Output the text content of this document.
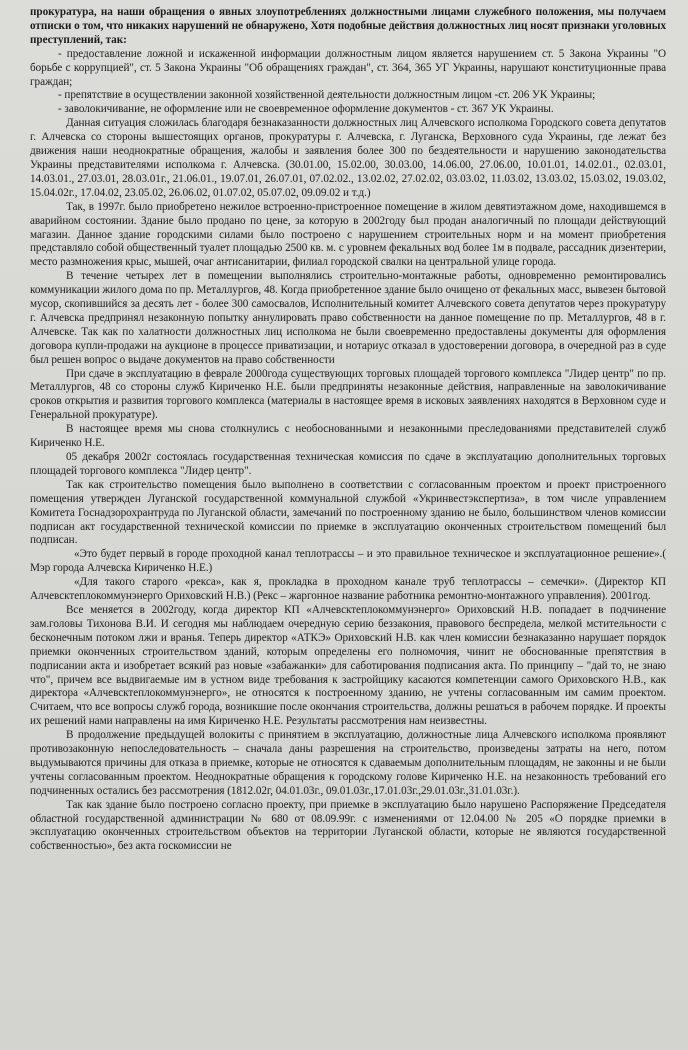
прокуратура, на наши обращения о явных злоупотреблениях должностными лицами служебного положения, мы получаем отписки о том, что никаких нарушений не обнаружено, Хотя подобные действия должностных лиц носят признаки уголовных преступлений, так:

- предоставление ложной и искаженной информации должностным лицом является нарушением ст. 5 Закона Украины "О борьбе с коррупцией", ст. 5 Закона Украины "Об обращениях граждан", ст. 364, 365 УГ Украины, нарушают конституционные права граждан;

- препятствие в осуществлении законной хозяйственной деятельности должностным лицом -ст. 206 УК Украины;

- заволокичивание, не оформление или не своевременное оформление документов - ст. 367 УК Украины.

Данная ситуация сложилась благодаря безнаказанности должностных лиц Алчевского исполкома Городского совета депутатов г. Алчевска со стороны вышестоящих органов, прокуратуры г. Алчевска, г. Луганска, Верховного суда Украины, где лежат без движения наши неоднократные обращения, жалобы и заявления более 300 по бездеятельности и нарушению законодательства Украины представителями исполкома г. Алчевска. (30.01.00, 15.02.00, 30.03.00, 14.06.00, 27.06.00, 10.01.01, 14.02.01., 02.03.01, 14.03.01., 27.03.01, 28.03.01г., 21.06.01., 19.07.01, 26.07.01, 07.02.02., 13.02.02, 27.02.02, 03.03.02, 11.03.02, 13.03.02, 15.03.02, 19.03.02, 15.04.02г., 17.04.02, 23.05.02, 26.06.02, 01.07.02, 05.07.02, 09.09.02 и т.д.)

Так, в 1997г. было приобретено нежилое встроенно-пристроенное помещение в жилом девятиэтажном доме, находившемся в аварийном состоянии. Здание было продано по цене, за которую в 2002году был продан аналогичный по площади действующий магазин. Данное здание городскими силами было построено с нарушением строительных норм и на момент приобретения представляло собой общественный туалет площадью 2500 кв. м. с уровнем фекальных вод более 1м в подвале, рассадник дизентерии, место размножения крыс, мышей, очаг антисанитарии, филиал городской свалки на центральной улице города.

В течение четырех лет в помещении выполнялись строительно-монтажные работы, одновременно ремонтировались коммуникации жилого дома по пр. Металлургов, 48. Когда приобретенное здание было очищено от фекальных масс, вывезен бытовой мусор, скопившийся за десять лет - более 300 самосвалов, Исполнительный комитет Алчевского совета депутатов через прокуратуру г. Алчевска предпринял незаконную попытку аннулировать право собственности на данное помещение по пр. Металлургов, 48 в г. Алчевске. Так как по халатности должностных лиц исполкома не были своевременно предоставлены документы для оформления договора купли-продажи на аукционе в процессе приватизации, и нотариус отказал в удостоверении договора, в очередной раз в суде был решен вопрос о выдаче документов на право собственности

При сдаче в эксплуатацию в феврале 2000года существующих торговых площадей торгового комплекса "Лидер центр" по пр. Металлургов, 48 со стороны служб Кириченко Н.Е. были предприняты незаконные действия, направленные на заволокичивание сроков открытия и развития торгового комплекса (материалы в настоящее время в исковых заявлениях находятся в Верховном суде и Генеральной прокуратуре).

В настоящее время мы снова столкнулись с необоснованными и незаконными преследованиями представителей служб Кириченко Н.Е.

05 декабря 2002г состоялась государственная техническая комиссия по сдаче в эксплуатацию дополнительных торговых площадей торгового комплекса "Лидер центр".

Так как строительство помещения было выполнено в соответствии с согласованным проектом и проект пристроенного помещения утвержден Луганской государственной коммунальной службой «Укринвестэкспертиза», в том числе управлением Комитета Госнадзорохрантруда по Луганской области, замечаний по построенному зданию не было, большинством членов комиссии подписан акт государственной технической комиссии по приемке в эксплуатацию оконченных строительством помещений был подписан.

«Это будет первый в городе проходной канал теплотрассы – и это правильное техническое и эксплуатационное решение».( Мэр города Алчевска Кириченко Н.Е.)

«Для такого старого «рекса», как я, прокладка в проходном канале труб теплотрассы – семечки». (Директор КП Алчевсктеплокоммунэнерго Ориховский Н.В.) (Рекс – жаргонное название работника ремонтно-монтажного управления). 2001год.

Все меняется в 2002году, когда директор КП «Алчевсктеплокоммунэнерго» Ориховский Н.В. попадает в подчинение зам.головы Тихонова В.И. И сегодня мы наблюдаем очередную серию беззакония, правового беспредела, мелкой мстительности с бесконечным потоком лжи и вранья. Теперь директор «АТКЭ» Ориховский Н.В. как член комиссии безнаказанно нарушает порядок приемки оконченных строительством зданий, которым определены его полномочия, чинит не обоснованные препятствия в подписании акта и изобретает всякий раз новые «забажанки» для саботирования подписания акта. По принципу – "дай то, не знаю что", причем все выдвигаемые им в устном виде требования к застройщику касаются компетенции самого Ориховского Н.В., как директора «Алчевсктеплокоммунэнерго», не относятся к построенному зданию, не учтены согласованным им самим проектом. Считаем, что все вопросы служб города, возникшие после окончания строительства, должны решаться в рабочем порядке. И проекты их решений нами направлены на имя Кириченко Н.Е. Результаты рассмотрения нам неизвестны.

В продолжение предыдущей волокиты с принятием в эксплуатацию, должностные лица Алчевского исполкома проявляют противозаконную непоследовательность – сначала даны разрешения на строительство, произведены затраты на него, потом выдумываются причины для отказа в приемке, которые не относятся к сдаваемым дополнительным площадям, не законны и не были учтены согласованным проектом. Неоднократные обращения к городскому голове Кириченко Н.Е. на незаконность требований его подчиненных остались без рассмотрения (1812.02г, 04.01.03г., 09.01.03г.,17.01.03г.,29.01.03г.,31.01.03г.).

Так как здание было построено согласно проекту, при приемке в эксплуатацию было нарушено Распоряжение Председателя областной государственной администрации № 680 от 08.09.99г. с изменениями от 12.04.00 № 205 «О порядке приемки в эксплуатацию оконченных строительством объектов на территории Луганской области, которые не являются государственной собственностью», без акта госкомиссии не
